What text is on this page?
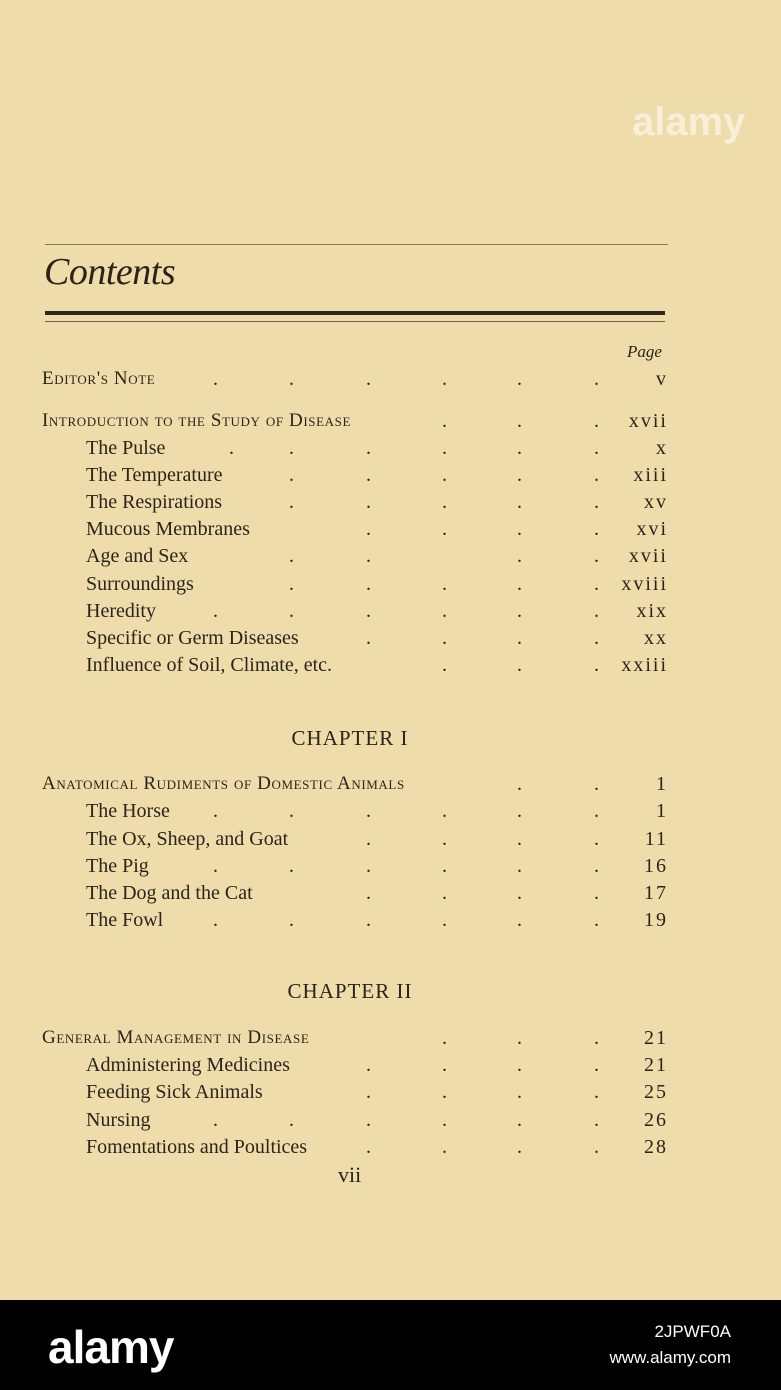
Contents
Page
Editor's Note	.	.	.	.	.	.	v
Introduction to the Study of Disease	.	.	. xvii
The Pulse	.	.	.	.	.	.	x
The Temperature	.	.	.	.	. xiii
The Respirations	.	.	.	.	. xv
Mucous Membranes	.	.	.	. xvi
Age and Sex	.	.	.	. xvii
Surroundings	.	.	.	.	. xviii
Heredity	.	.	.	.	.	. xix
Specific or Germ Diseases	.	.	.	. xx
Influence of Soil, Climate, etc.	.	.	. xxiii
CHAPTER I
Anatomical Rudiments of Domestic Animals	.	.	1
The Horse .	.	.	.	.	.	1
The Ox, Sheep, and Goat	.	.	.	. 11
The Pig	.	.	.	.	.	. 16
The Dog and the Cat	.	.	.	. 17
The Fowl .	.	.	.	.	. 19
CHAPTER II
General Management in Disease	.	.	. 21
Administering Medicines	.	.	.	. 21
Feeding Sick Animals	.	.	.	. 25
Nursing	.	.	.	.	.	. 26
Fomentations and Poultices	.	.	.	. 28
vii
alamy
alamy	2JPWF0A
www.alamy.com
